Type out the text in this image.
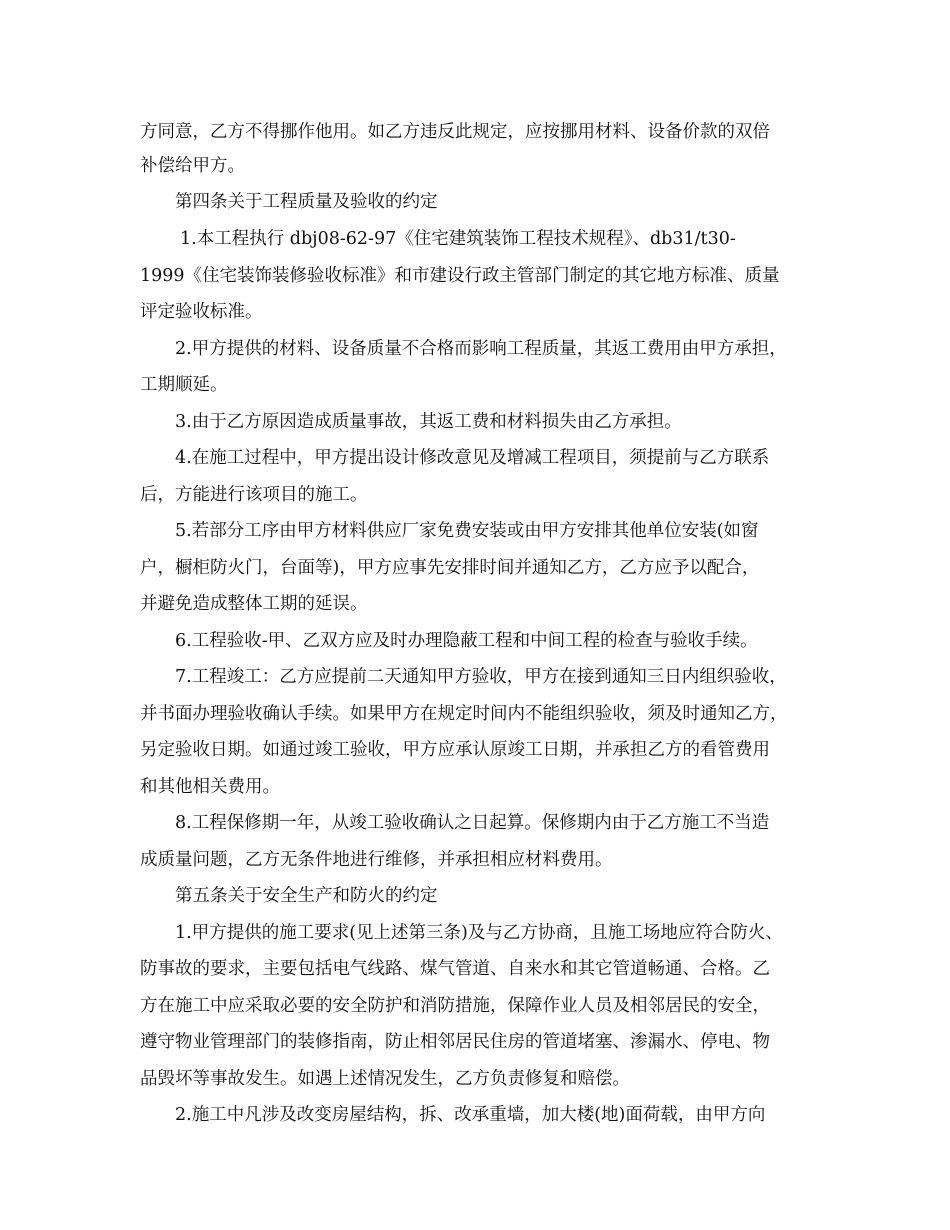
方同意，乙方不得挪作他用。如乙方违反此规定，应按挪用材料、设备价款的双倍
补偿给甲方。
第四条关于工程质量及验收的约定
1.本工程执行 dbj08-62-97《住宅建筑装饰工程技术规程》、db31/t30-
1999《住宅装饰装修验收标准》和市建设行政主管部门制定的其它地方标准、质量
评定验收标准。
2.甲方提供的材料、设备质量不合格而影响工程质量，其返工费用由甲方承担，
工期顺延。
3.由于乙方原因造成质量事故，其返工费和材料损失由乙方承担。
4.在施工过程中，甲方提出设计修改意见及增减工程项目，须提前与乙方联系
后，方能进行该项目的施工。
5.若部分工序由甲方材料供应厂家免费安装或由甲方安排其他单位安装(如窗
户，橱柜防火门，台面等)，甲方应事先安排时间并通知乙方，乙方应予以配合，
并避免造成整体工期的延误。
6.工程验收-甲、乙双方应及时办理隐蔽工程和中间工程的检查与验收手续。
7.工程竣工：乙方应提前二天通知甲方验收，甲方在接到通知三日内组织验收，
并书面办理验收确认手续。如果甲方在规定时间内不能组织验收，须及时通知乙方，
另定验收日期。如通过竣工验收，甲方应承认原竣工日期，并承担乙方的看管费用
和其他相关费用。
8.工程保修期一年，从竣工验收确认之日起算。保修期内由于乙方施工不当造
成质量问题，乙方无条件地进行维修，并承担相应材料费用。
第五条关于安全生产和防火的约定
1.甲方提供的施工要求(见上述第三条)及与乙方协商，且施工场地应符合防火、
防事故的要求，主要包括电气线路、煤气管道、自来水和其它管道畅通、合格。乙
方在施工中应采取必要的安全防护和消防措施，保障作业人员及相邻居民的安全，
遵守物业管理部门的装修指南，防止相邻居民住房的管道堵塞、渗漏水、停电、物
品毁坏等事故发生。如遇上述情况发生，乙方负责修复和赔偿。
2.施工中凡涉及改变房屋结构，拆、改承重墙，加大楼(地)面荷载，由甲方向
